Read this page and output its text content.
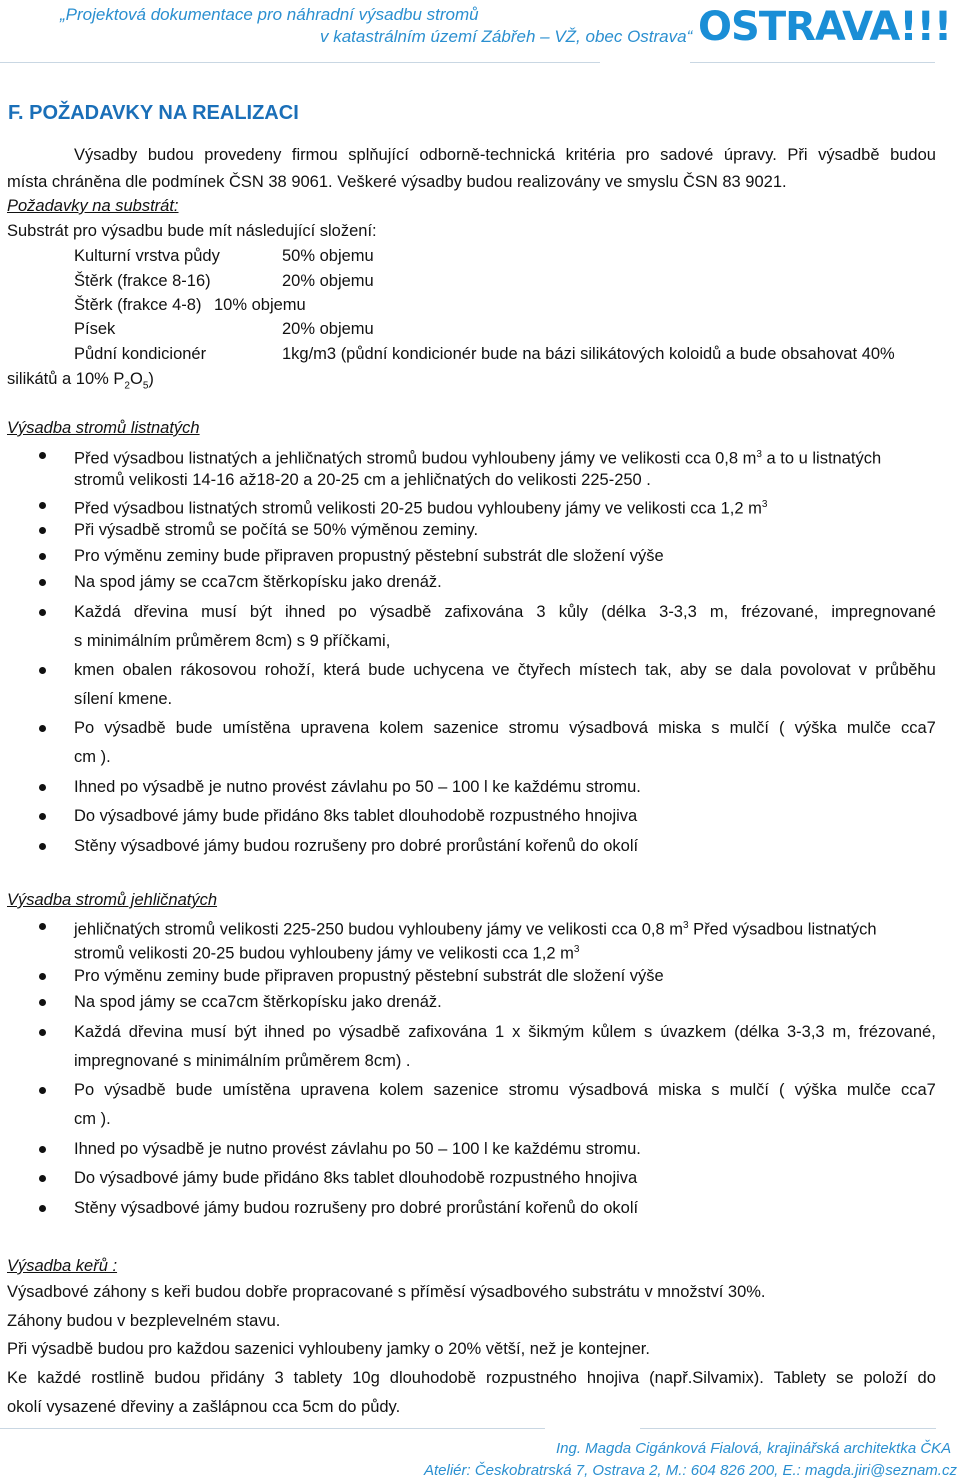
„Projektová dokumentace pro náhradní výsadbu stromů
v katastrálním území Zábřeh – VŽ, obec Ostrava“ OSTRAVA!!!
F. POŽADAVKY NA REALIZACI
Výsadby budou provedeny firmou splňující odborně-technická kritéria pro sadové úpravy. Při výsadbě budou
místa chráněna dle podmínek ČSN 38 9061. Veškeré výsadby budou realizovány ve smyslu ČSN 83 9021.
Požadavky na substrát:
Substrát pro výsadbu bude mít následující složení:
Kulturní vrstva půdy	50% objemu
Štěrk (frakce 8-16)	20% objemu
Štěrk (frakce 4-8) 10% objemu
Písek	20% objemu
Půdní kondicionér	1kg/m3 (půdní kondicionér bude na bázi silikátových koloidů a bude obsahovat 40%
silikátů a 10% $P_2O_5$)
Výsadba stromů listnatých
Před výsadbou listnatých a jehličnatých stromů budou vyhloubeny jámy ve velikosti cca 0,8 $m^3$ a to u listnatých
stromů velikosti 14-16 až18-20 a 20-25 cm a jehličnatých do velikosti 225-250 .
Před výsadbou listnatých stromů velikosti 20-25 budou vyhloubeny jámy ve velikosti cca 1,2 $m^3$
Při výsadbě stromů se počítá se 50% výměnou zeminy.
Pro výměnu zeminy bude připraven propustný pěstební substrát dle složení výše
Na spod jámy se cca7cm štěrkopísku jako drenáž.
Každá dřevina musí být ihned po výsadbě zafixována 3 kůly (délka 3-3,3 m, frézované, impregnované
s minimálním průměrem 8cm) s 9 příčkami,
kmen obalen rákosovou rohoží, která bude uchycena ve čtyřech místech tak, aby se dala povolovat v průběhu
sílení kmene.
Po výsadbě bude umístěna upravena kolem sazenice stromu výsadbová miska s mulčí ( výška mulče cca7
cm ).
Ihned po výsadbě je nutno provést závlahu po 50 – 100 l ke každému stromu.
Do výsadbové jámy bude přidáno 8ks tablet dlouhodobě rozpustného hnojiva
Stěny výsadbové jámy budou rozrušeny pro dobré prorůstání kořenů do okolí
Výsadba stromů jehličnatých
jehličnatých stromů velikosti 225-250 budou vyhloubeny jámy ve velikosti cca 0,8 $m^3$ Před výsadbou listnatých
stromů velikosti 20-25 budou vyhloubeny jámy ve velikosti cca 1,2 $m^3$
Pro výměnu zeminy bude připraven propustný pěstební substrát dle složení výše
Na spod jámy se cca7cm štěrkopísku jako drenáž.
Každá dřevina musí být ihned po výsadbě zafixována 1 x šikmým kůlem s úvazkem (délka 3-3,3 m, frézované,
impregnované s minimálním průměrem 8cm) .
Po výsadbě bude umístěna upravena kolem sazenice stromu výsadbová miska s mulčí ( výška mulče cca7
cm ).
Ihned po výsadbě je nutno provést závlahu po 50 – 100 l ke každému stromu.
Do výsadbové jámy bude přidáno 8ks tablet dlouhodobě rozpustného hnojiva
Stěny výsadbové jámy budou rozrušeny pro dobré prorůstání kořenů do okolí
Výsadba keřů :
Výsadbové záhony s keři budou dobře propracované s příměsí výsadbového substrátu v množství 30%.
Záhony budou v bezplevelném stavu.
Při výsadbě budou pro každou sazenici vyhloubeny jamky o 20% větší, než je kontejner.
Ke každé rostlině budou přidány 3 tablety 10g dlouhodobě rozpustného hnojiva (např.Silvamix). Tablety se položí do
okolí vysazené dřeviny a zašlápnou cca 5cm do půdy.
Ing. Magda Cigánková Fialová, krajinářská architektka ČKA
Ateliér: Českobratrská 7, Ostrava 2, M.: 604 826 200, E.: magda.jiri@seznam.cz
